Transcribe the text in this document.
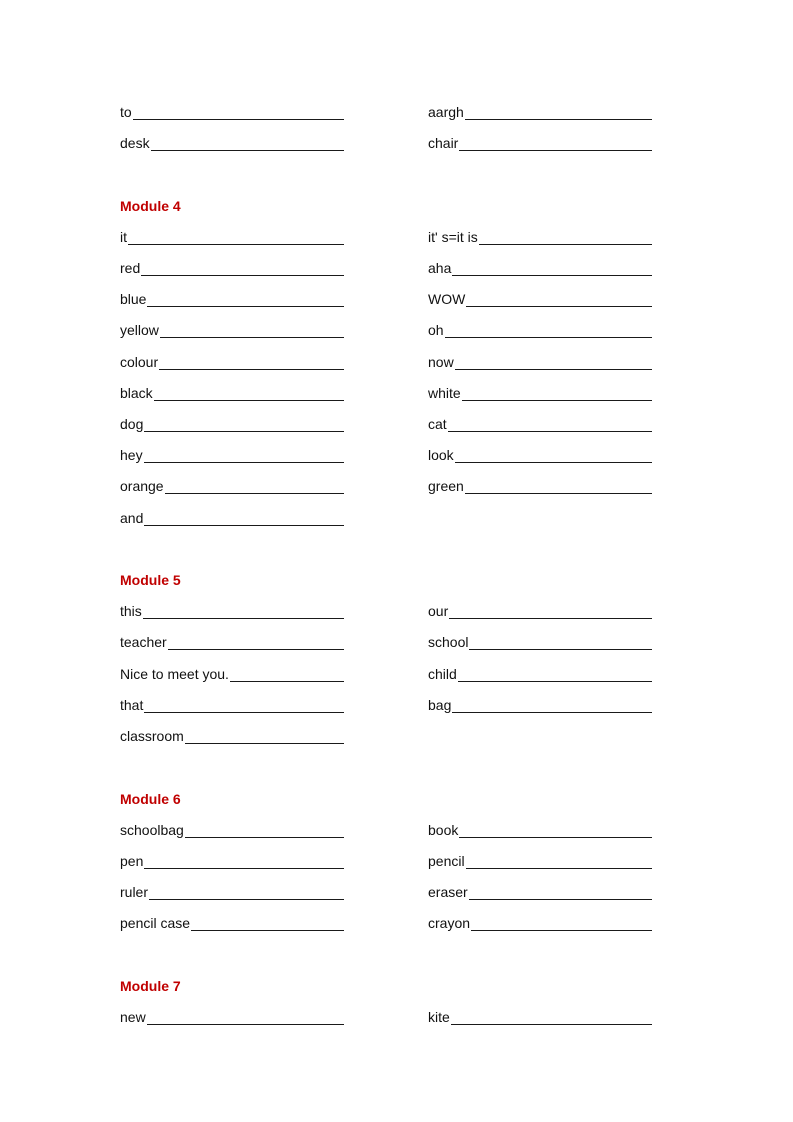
to	aargh
desk	chair
Module 4
it	it' s=it is
red	aha
blue	WOW
yellow	oh
colour	now
black	white
dog	cat
hey	look
orange	green
and
Module 5
this	our
teacher	school
Nice to meet you.	child
that	bag
classroom
Module 6
schoolbag	book
pen	pencil
ruler	eraser
pencil case	crayon
Module 7
new	kite
